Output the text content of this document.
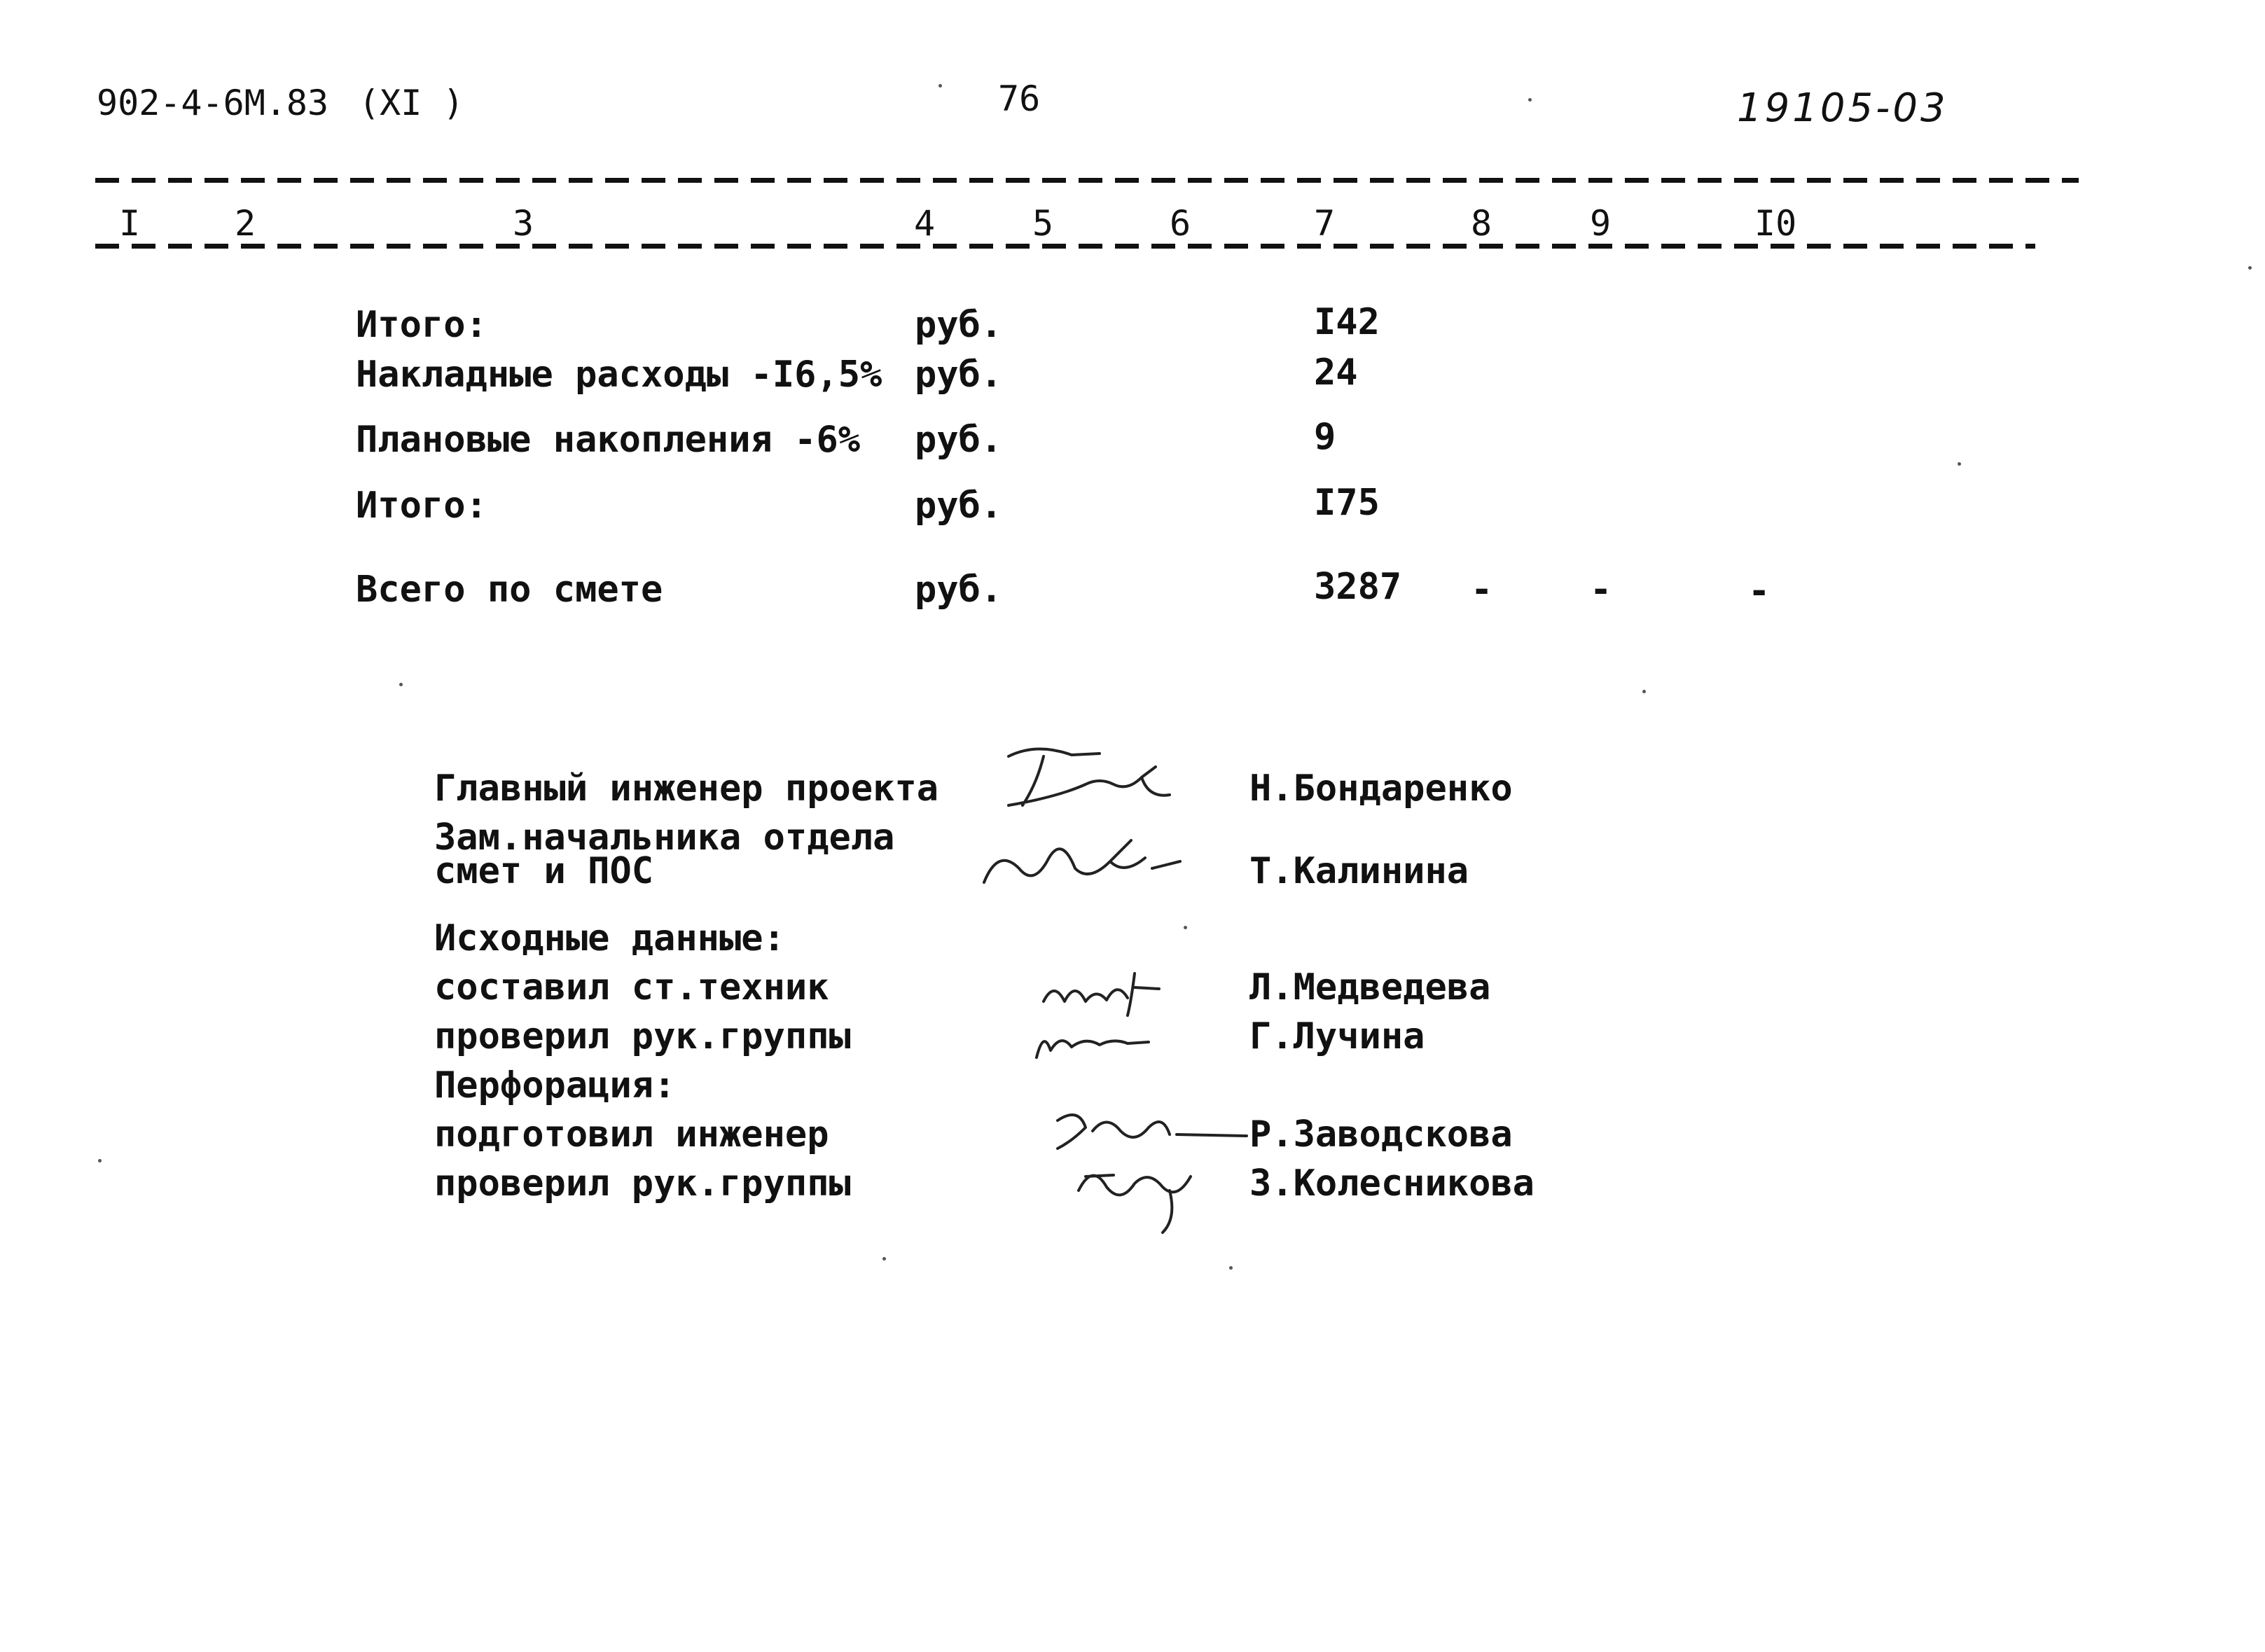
902-4-6М.83 (XI )	76	19105-03
I	2	3	4	5	6	7	8	9	I0
Итого:	руб.	I42
Накладные расходы -I6,5% руб.	24
Плановые накопления -6% руб.	9
Итого:	руб.	I75
Всего по смете	руб.	3287 -	-	-
Главный инженер проекта	Н.Бондаренко
Зам.начальника отдела
смет и ПОС	Т.Калинина
Исходные данные:
составил ст.техник	Л.Медведева
проверил рук.группы	Г.Лучина
Перфорация:
подготовил инженер	Р.Заводскова
проверил рук.группы	З.Колесникова
